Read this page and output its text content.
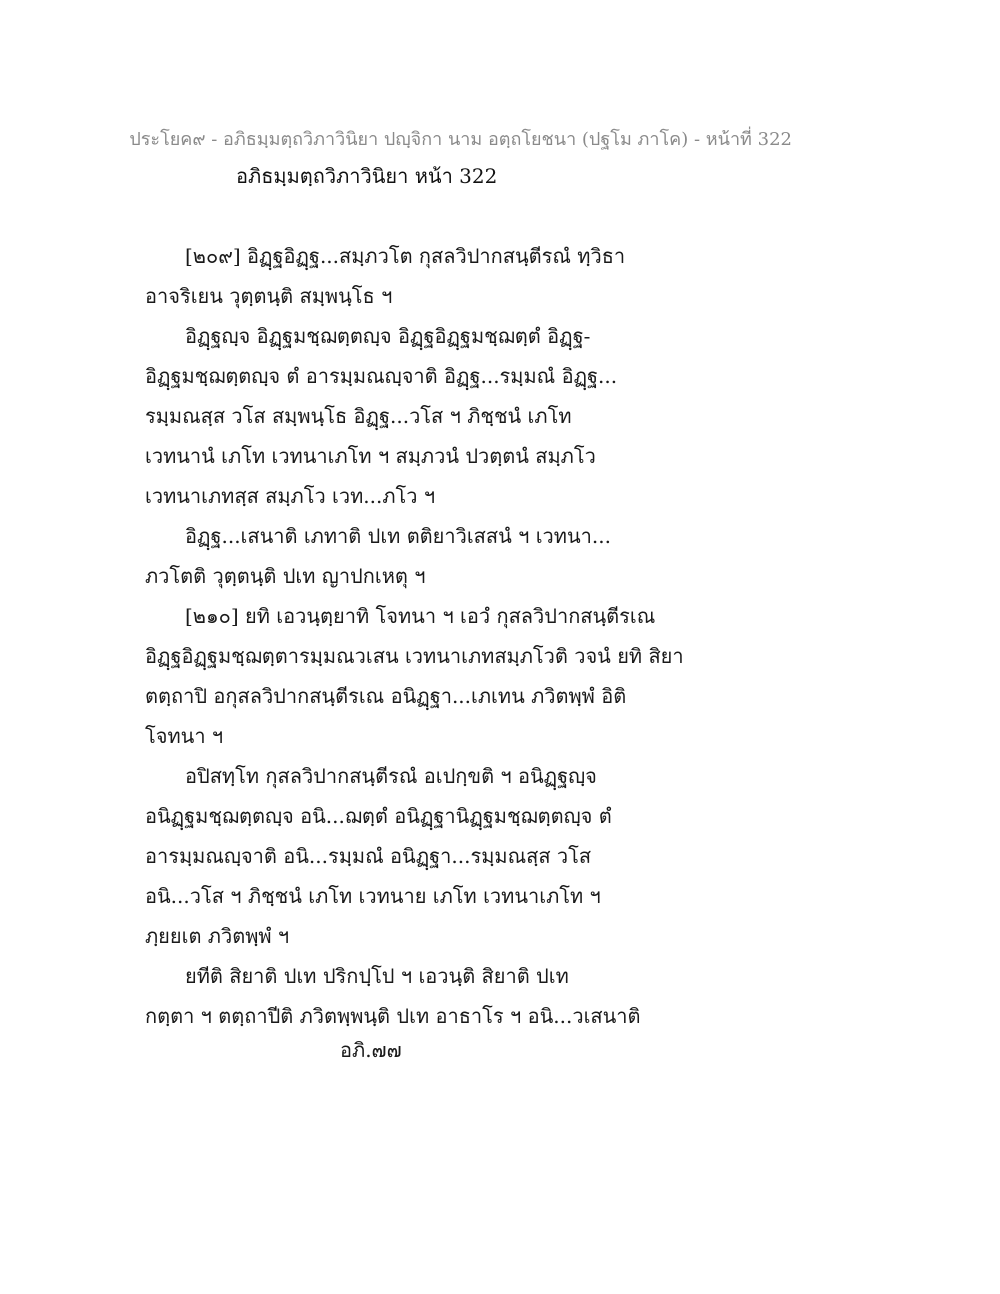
ประโยค๙ - อภิธมฺมตฺถวิภาวินิยา ปญฺจิกา นาม อตฺถโยชนา (ปฐโม ภาโค) - หน้าที่ 322
อภิธมฺมตฺถวิภาวินิยา หน้า 322
[๒๐๙] อิฏฺฐอิฏฺฐ...สมฺภวโต กุสลวิปากสนฺตีรณํ ทฺวิธา
อาจริเยน วุตฺตนฺติ สมฺพนฺโธ ฯ
อิฏฺฐญฺจ อิฏฺฐมชฺฌตฺตญฺจ อิฏฺฐอิฏฺฐมชฺฌตฺตํ อิฏฺฐ-
อิฏฺฐมชฺฌตฺตญฺจ ตํ อารมฺมณญฺจาติ อิฏฺฐ...รมฺมณํ อิฏฺฐ...
รมฺมณสฺส วโส สมฺพนฺโธ อิฏฺฐ...วโส ฯ ภิชฺชนํ เภโท
เวทนานํ เภโท เวทนาเภโท ฯ สมฺภวนํ ปวตฺตนํ สมฺภโว
เวทนาเภทสฺส สมฺภโว เวท...ภโว ฯ
อิฏฺฐ...เสนาติ เภทาติ ปเท ตติยาวิเสสนํ ฯ เวทนา...
ภวโตติ วุตฺตนฺติ ปเท ญาปกเหตุ ฯ
[๒๑๐] ยทิ เอวนฺตฺยาทิ โจทนา ฯ เอวํ กุสลวิปากสนฺตีรเณ
อิฏฺฐอิฏฺฐมชฺฌตฺตารมฺมณวเสน เวทนาเภทสมฺภโวติ วจนํ ยทิ สิยา
ตตฺถาปิ อกุสลวิปากสนฺตีรเณ อนิฏฺฐา...เภเทน ภวิตพฺพํ อิติ
โจทนา ฯ
อปิสทฺโท กุสลวิปากสนฺตีรณํ อเปกฺขติ ฯ อนิฏฺฐญฺจ
อนิฏฺฐมชฺฌตฺตญฺจ อนิ...ฌตฺตํ อนิฏฺฐานิฏฺฐมชฺฌตฺตญฺจ ตํ
อารมฺมณญฺจาติ อนิ...รมฺมณํ อนิฏฺฐา...รมฺมณสฺส วโส
อนิ...วโส ฯ ภิชฺชนํ เภโท เวทนาย เภโท เวทนาเภโท ฯ
ภฺยยเต ภวิตพฺพํ ฯ
ยทีติ สิยาติ ปเท ปริกปฺโป ฯ เอวนฺติ สิยาติ ปเท
กตฺตา ฯ ตตฺถาปีติ ภวิตพฺพนฺติ ปเท อาธาโร ฯ อนิ...วเสนาติ
อภิ.๗๗
